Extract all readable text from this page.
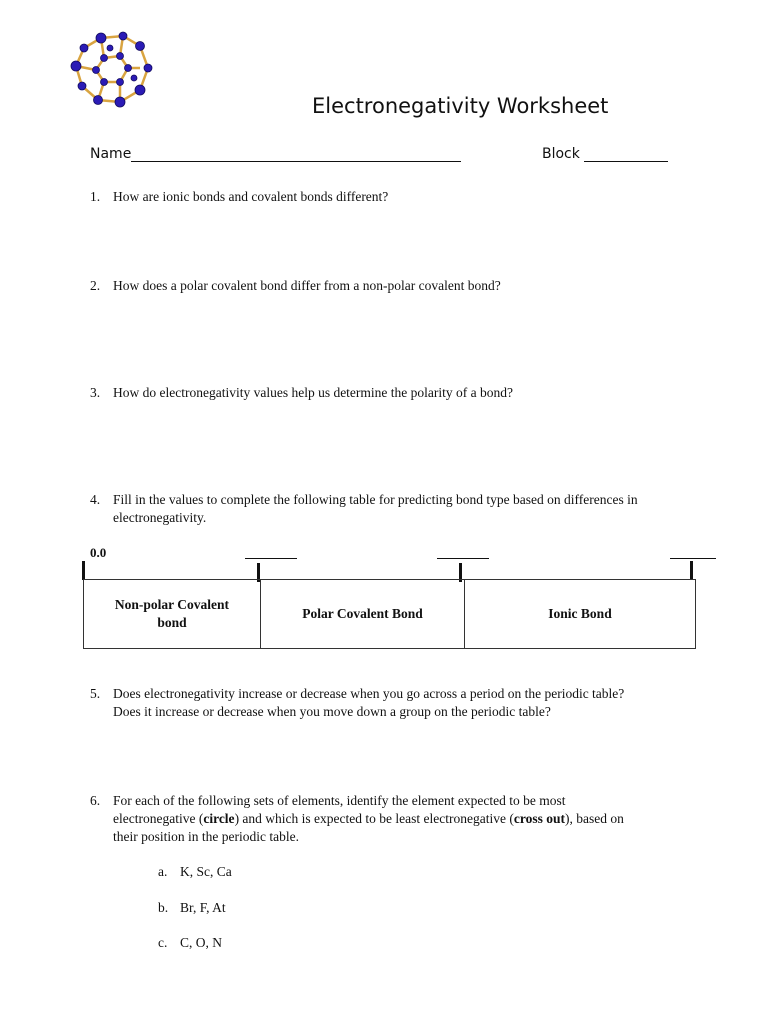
Electronegativity Worksheet
Name	Block
1. How are ionic bonds and covalent bonds different?
2. How does a polar covalent bond differ from a non-polar covalent bond?
3. How do electronegativity values help us determine the polarity of a bond?
4. Fill in the values to complete the following table for predicting bond type based on differences in
electronegativity.
0.0
Non-polar Covalent bond
Polar Covalent Bond	Ionic Bond
5. Does electronegativity increase or decrease when you go across a period on the periodic table?
Does it increase or decrease when you move down a group on the periodic table?
6. For each of the following sets of elements, identify the element expected to be most
electronegative (circle) and which is expected to be least electronegative (cross out), based on
their position in the periodic table.
a. K, Sc, Ca
b. Br, F, At
c. C, O, N
